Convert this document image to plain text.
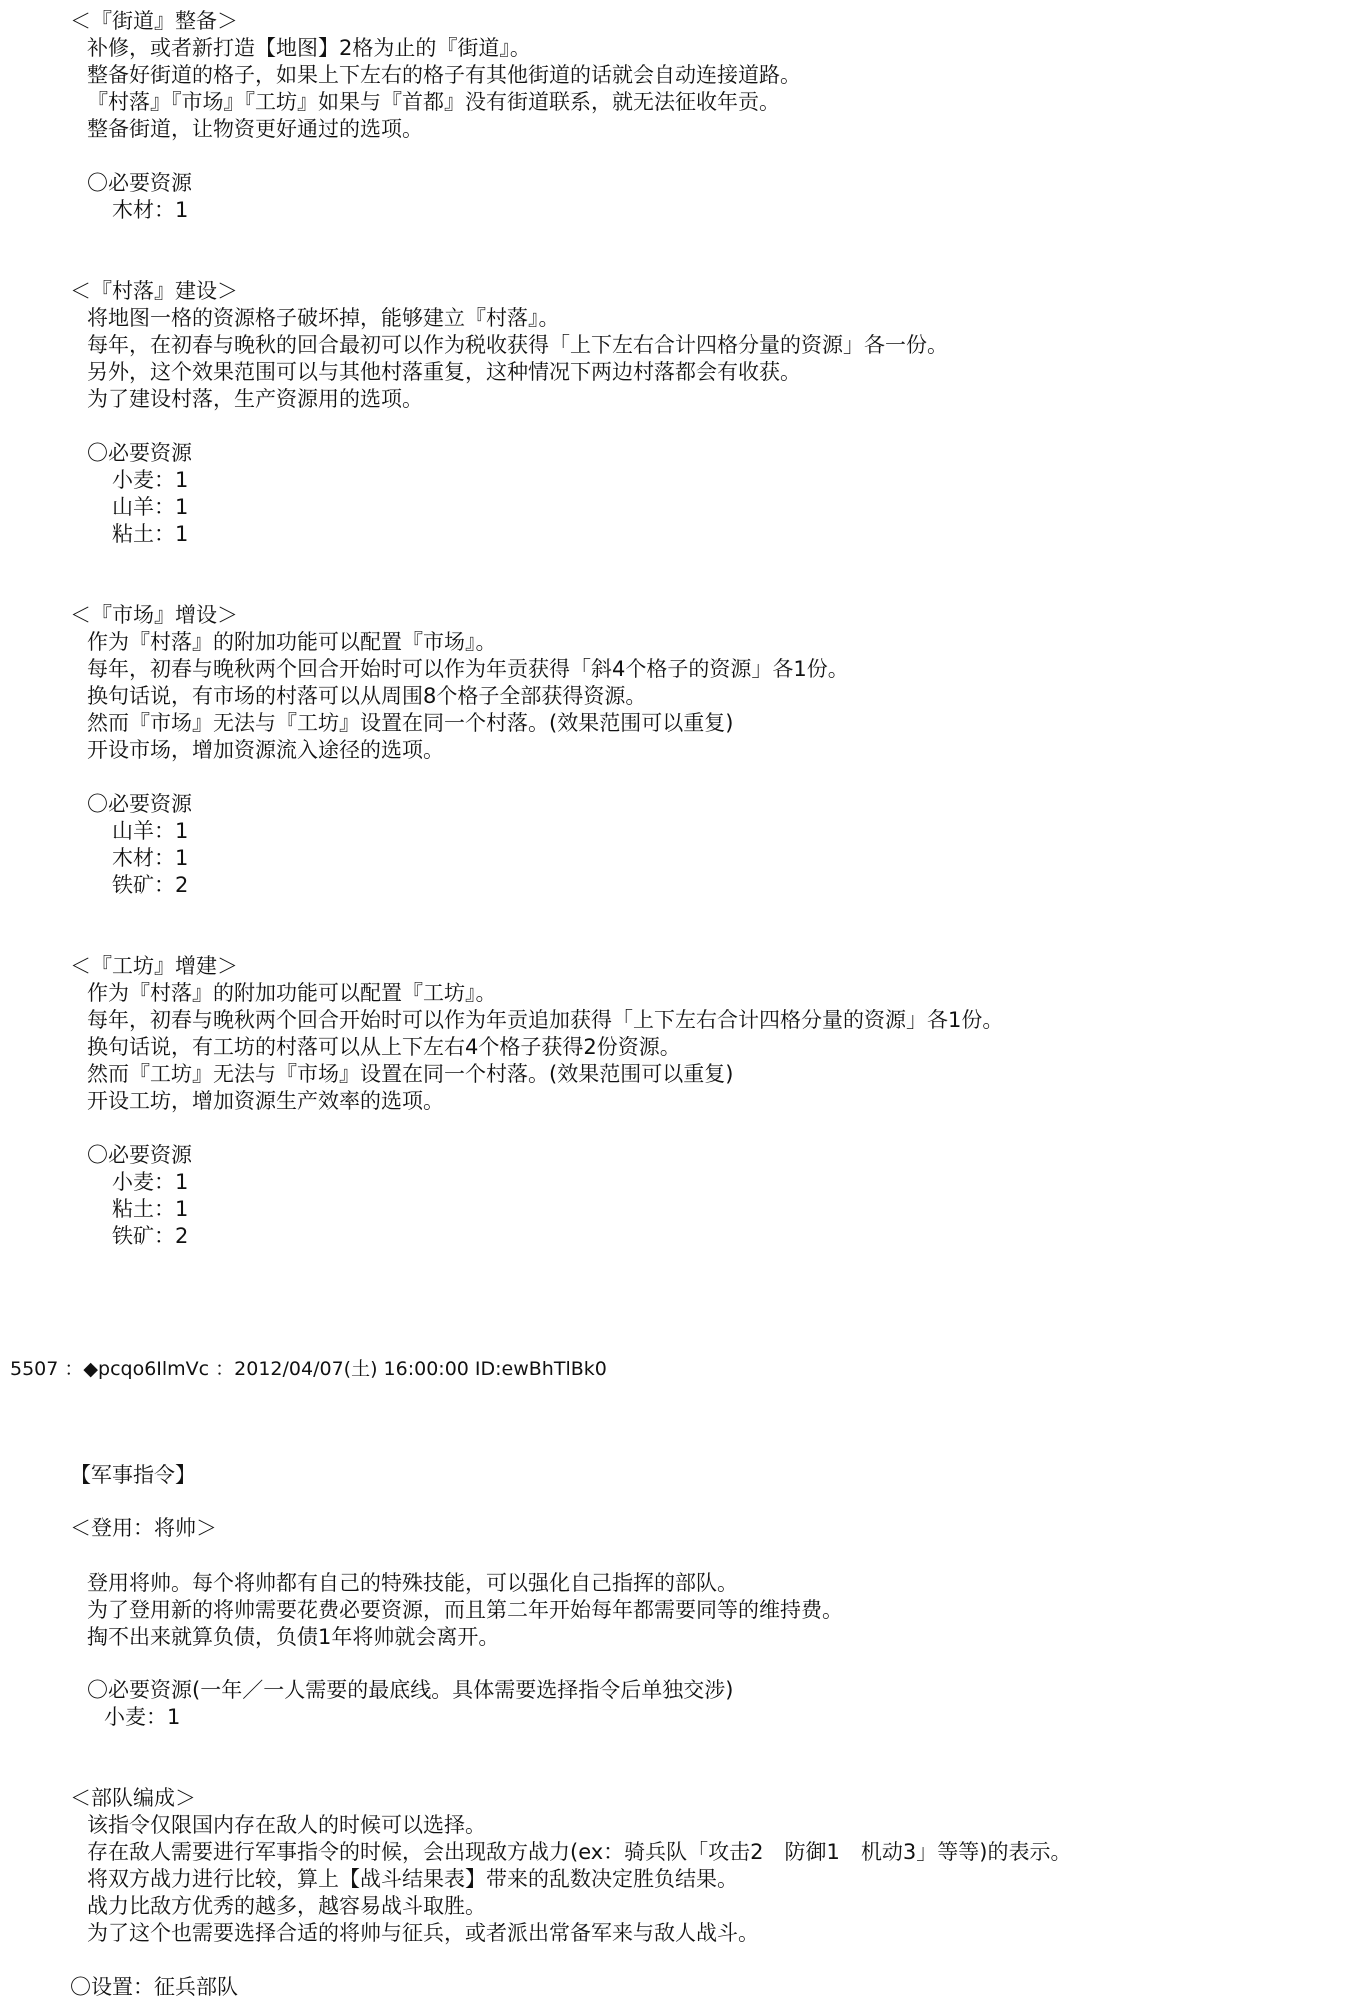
＜『街道』整备＞
补修，或者新打造【地图】2格为止的『街道』。
整备好街道的格子，如果上下左右的格子有其他街道的话就会自动连接道路。
『村落』『市场』『工坊』如果与『首都』没有街道联系，就无法征收年贡。
整备街道，让物资更好通过的选项。
〇必要资源
木材：1
＜『村落』建设＞
将地图一格的资源格子破坏掉，能够建立『村落』。
每年，在初春与晚秋的回合最初可以作为税收获得「上下左右合计四格分量的资源」各一份。
另外，这个效果范围可以与其他村落重复，这种情况下两边村落都会有收获。
为了建设村落，生产资源用的选项。
〇必要资源
小麦：1
山羊：1
粘土：1
＜『市场』增设＞
作为『村落』的附加功能可以配置『市场』。
每年，初春与晚秋两个回合开始时可以作为年贡获得「斜4个格子的资源」各1份。
换句话说，有市场的村落可以从周围8个格子全部获得资源。
然而『市场』无法与『工坊』设置在同一个村落。(效果范围可以重复)
开设市场，增加资源流入途径的选项。
〇必要资源
山羊：1
木材：1
铁矿：2
＜『工坊』增建＞
作为『村落』的附加功能可以配置『工坊』。
每年，初春与晚秋两个回合开始时可以作为年贡追加获得「上下左右合计四格分量的资源」各1份。
换句话说，有工坊的村落可以从上下左右4个格子获得2份资源。
然而『工坊』无法与『市场』设置在同一个村落。(效果范围可以重复)
开设工坊，增加资源生产效率的选项。
〇必要资源
小麦：1
粘土：1
铁矿：2
5507 ：◆pcqo6IlmVc ：2012/04/07(土) 16:00:00 ID:ewBhTlBk0
【军事指令】
＜登用：将帅＞
登用将帅。每个将帅都有自己的特殊技能，可以强化自己指挥的部队。
为了登用新的将帅需要花费必要资源，而且第二年开始每年都需要同等的维持费。
掏不出来就算负债，负债1年将帅就会离开。
〇必要资源(一年／一人需要的最底线。具体需要选择指令后单独交涉)
小麦：1
＜部队编成＞
该指令仅限国内存在敌人的时候可以选择。
存在敌人需要进行军事指令的时候，会出现敌方战力(ex：骑兵队「攻击2　防御1　机动3」等等)的表示。
将双方战力进行比较，算上【战斗结果表】带来的乱数决定胜负结果。
战力比敌方优秀的越多，越容易战斗取胜。
为了这个也需要选择合适的将帅与征兵，或者派出常备军来与敌人战斗。
〇设置：征兵部队
